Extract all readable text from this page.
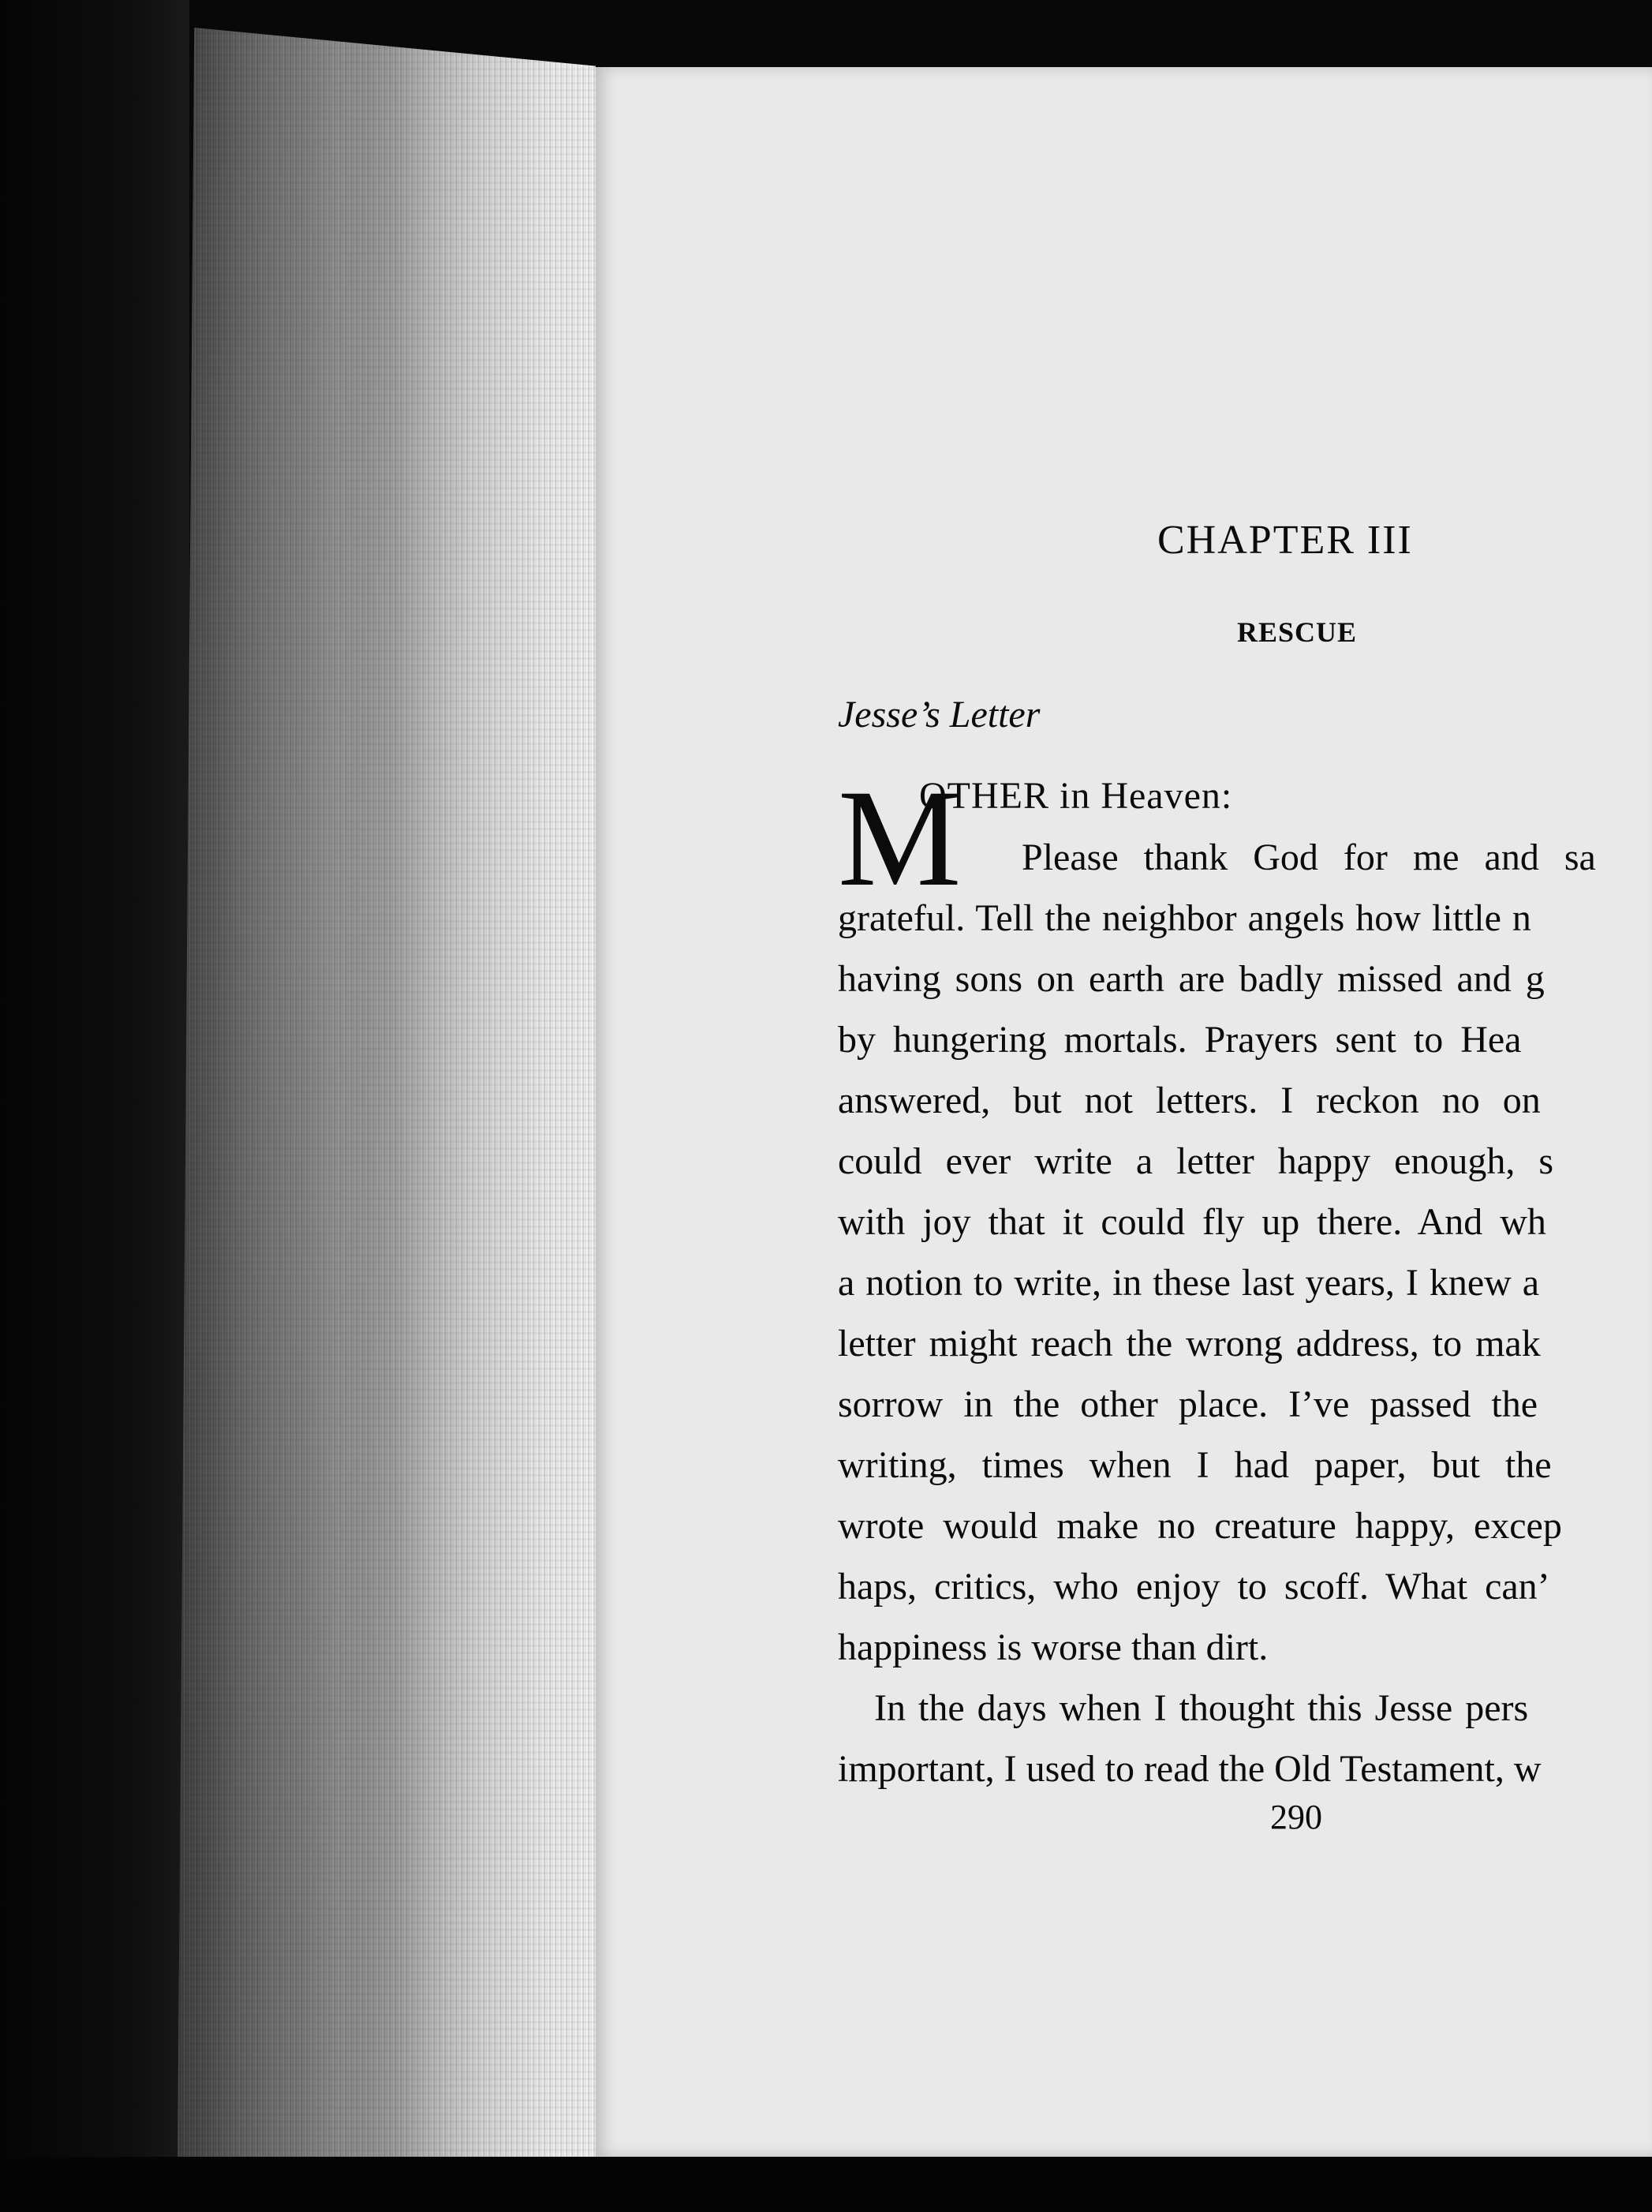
CHAPTER III
RESCUE
Jesse’s Letter
M
OTHER in Heaven:
Please thank God for me and sa
grateful. Tell the neighbor angels how little n
having sons on earth are badly missed and g
by hungering mortals. Prayers sent to Hea
answered, but not letters. I reckon no on
could ever write a letter happy enough, s
with joy that it could fly up there. And wh
a notion to write, in these last years, I knew a
letter might reach the wrong address, to mak
sorrow in the other place. I’ve passed the
writing, times when I had paper, but the
wrote would make no creature happy, excep
haps, critics, who enjoy to scoff. What can’
happiness is worse than dirt.
In the days when I thought this Jesse pers
important, I used to read the Old Testament, w
290
